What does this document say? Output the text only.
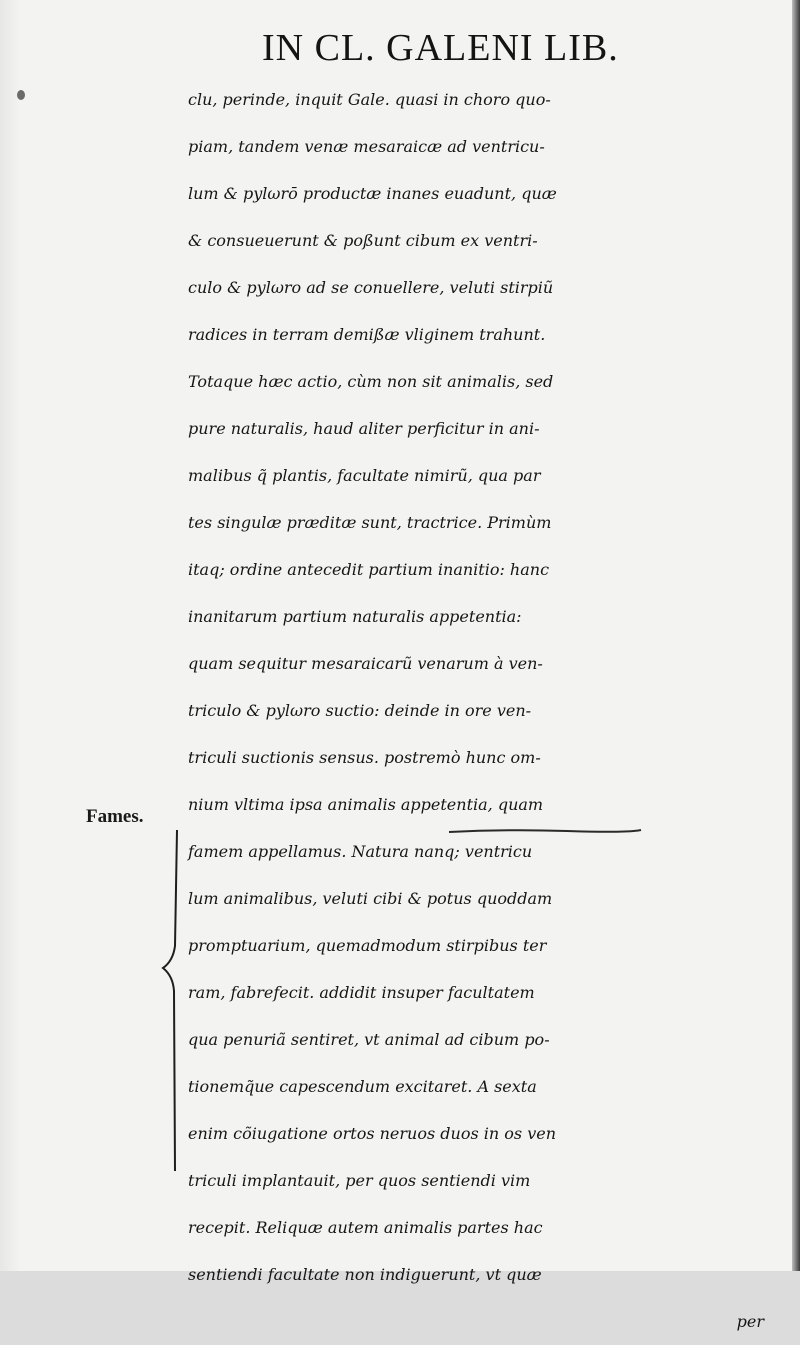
IN CL. GALENI LIB.
clu, perinde, inquit Gale. quasi in choro quo-
piam, tandem venæ mesaraicæ ad ventricu-
lum & pylωrō productæ inanes euadunt, quæ
& consueuerunt & poßunt cibum ex ventri-
culo & pylωro ad se conuellere, veluti stirpiũ
radices in terram demißæ vliginem trahunt.
Totaque hæc actio, cùm non sit animalis, sed
pure naturalis, haud aliter perficitur in ani-
malibus q̃ plantis, facultate nimirũ, qua par
tes singulæ præditæ sunt, tractrice. Primùm
itaq; ordine antecedit partium inanitio: hanc
inanitarum partium naturalis appetentia:
quam sequitur mesaraicarũ venarum à ven-
triculo & pylωro suctio: deinde in ore ven-
triculi suctionis sensus. postremò hunc om-
nium vltima ipsa animalis appetentia, quam
famem appellamus. Natura nanq; ventricu
lum animalibus, veluti cibi & potus quoddam
promptuarium, quemadmodum stirpibus ter
ram, fabrefecit. addidit insuper facultatem
qua penuriã sentiret, vt animal ad cibum po-
tionemq̃ue capescendum excitaret. A sexta
enim cõiugatione ortos neruos duos in os ven
triculi implantauit, per quos sentiendi vim
recepit. Reliquæ autem animalis partes hac
sentiendi facultate non indiguerunt, vt quæ
per
Fames.
